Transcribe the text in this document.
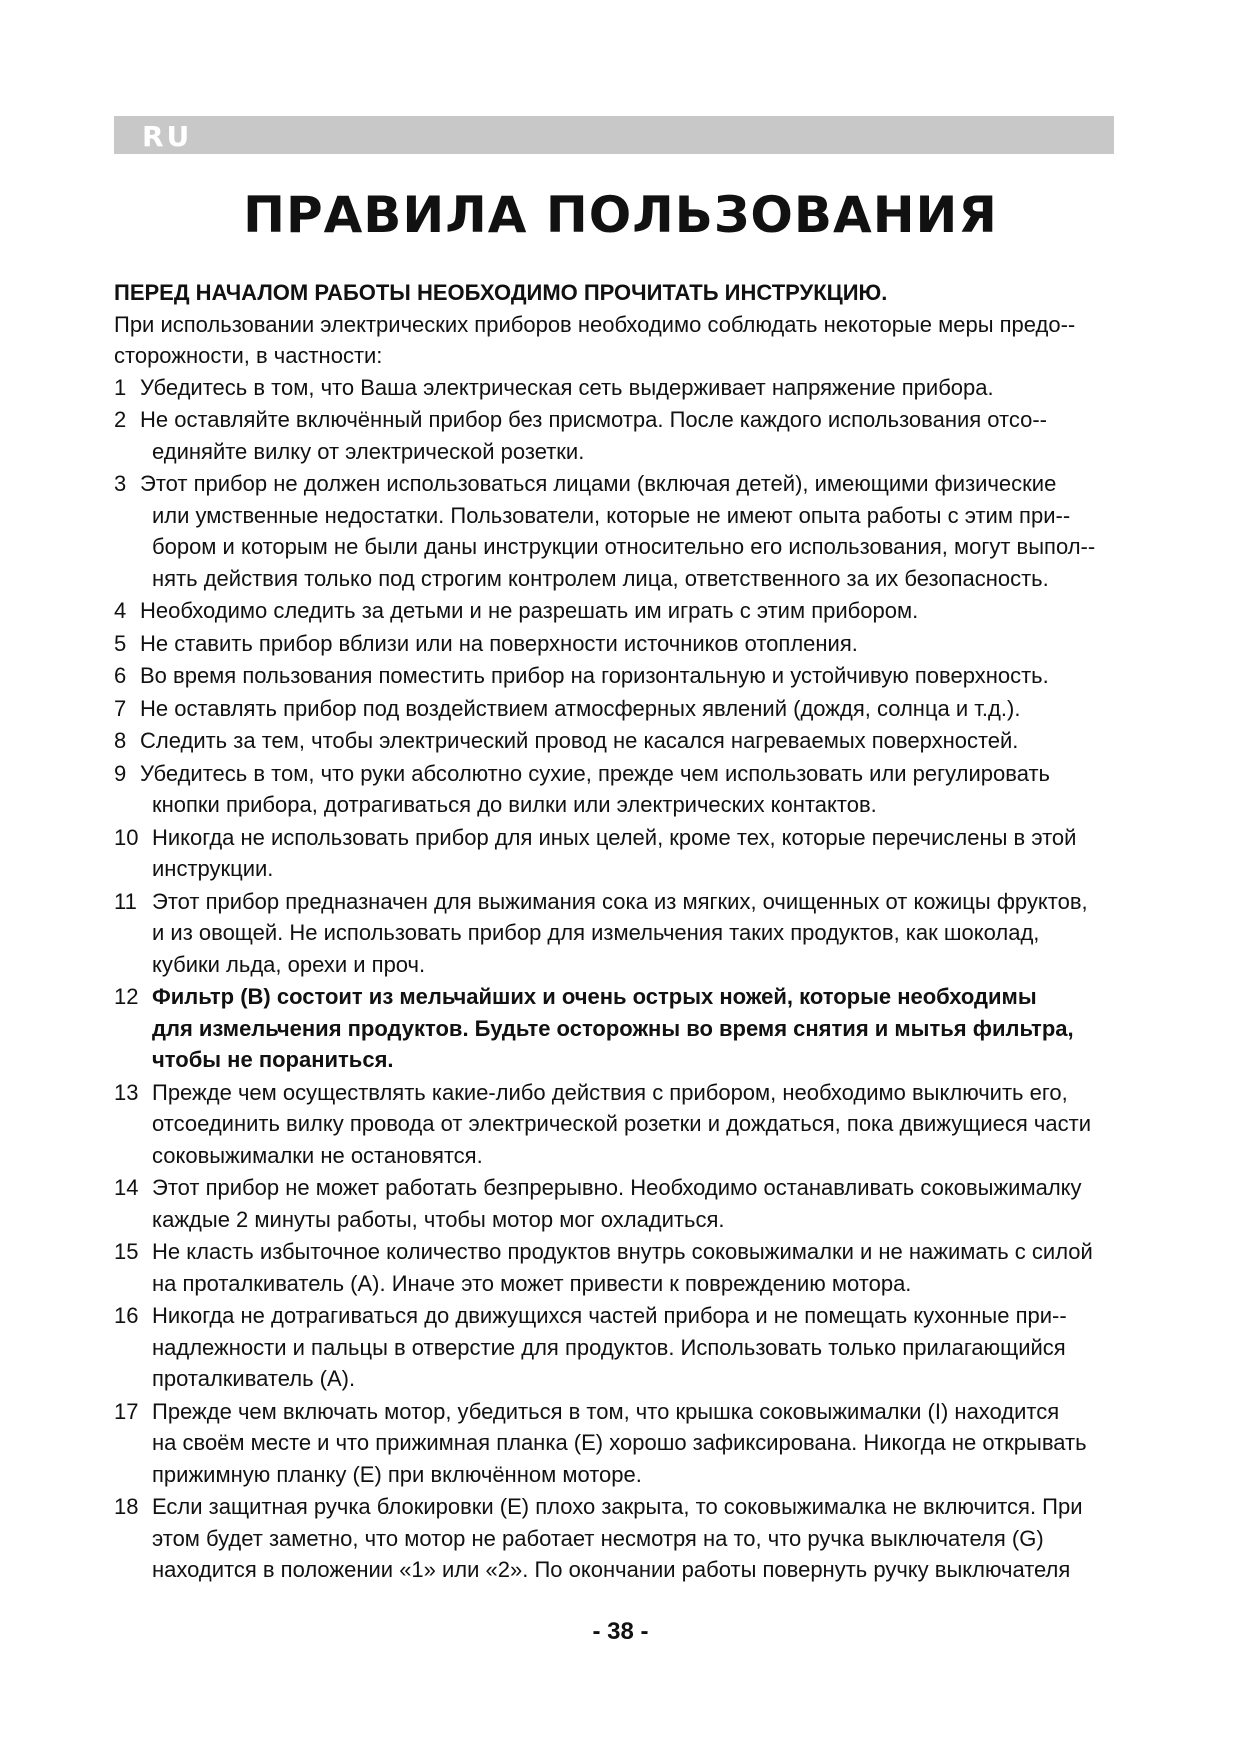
RU
ПРАВИЛА ПОЛЬЗОВАНИЯ

ПЕРЕД НАЧАЛОМ РАБОТЫ НЕОБХОДИМО ПРОЧИТАТЬ ИНСТРУКЦИЮ.

При использовании электрических приборов необходимо соблюдать некоторые меры предо--

сторожности, в частности:

1 Убедитесь в том, что Ваша электрическая сеть выдерживает напряжение прибора.
2 Не оставляйте включённый прибор без присмотра. После каждого использования отсо--
единяйте вилку от электрической розетки.
3 Этот прибор не должен использоваться лицами (включая детей), имеющими физические
или умственные недостатки. Пользователи, которые не имеют опыта работы с этим при--
бором и которым не были даны инструкции относительно его использования, могут выпол--
нять действия только под строгим контролем лица, ответственного за их безопасность.
4 Необходимо следить за детьми и не разрешать им играть с этим прибором.
5 Не ставить прибор вблизи или на поверхности источников отопления.
6 Во время пользования поместить прибор на горизонтальную и устойчивую поверхность.
7 Не оставлять прибор под воздействием атмосферных явлений (дождя, солнца и т.д.).
8 Следить за тем, чтобы электрический провод не касался нагреваемых поверхностей.
9 Убедитесь в том, что руки абсолютно сухие, прежде чем использовать или регулировать
кнопки прибора, дотрагиваться до вилки или электрических контактов.
10 Никогда не использовать прибор для иных целей, кроме тех, которые перечислены в этой
инструкции.
11 Этот прибор предназначен для выжимания сока из мягких, очищенных от кожицы фруктов,
и из овощей. Не использовать прибор для измельчения таких продуктов, как шоколад,
кубики льда, орехи и проч.
12 Фильтр (B) состоит из мельчайших и очень острых ножей, которые необходимы
для измельчения продуктов. Будьте осторожны во время снятия и мытья фильтра,
чтобы не пораниться.
13 Прежде чем осуществлять какие-либо действия с прибором, необходимо выключить его,
отсоединить вилку провода от электрической розетки и дождаться, пока движущиеся части
соковыжималки не остановятся.
14 Этот прибор не может работать безпрерывно. Необходимо останавливать соковыжималку
каждые 2 минуты работы, чтобы мотор мог охладиться.
15 Не класть избыточное количество продуктов внутрь соковыжималки и не нажимать с силой
на проталкиватель (A). Иначе это может привести к повреждению мотора.
16 Никогда не дотрагиваться до движущихся частей прибора и не помещать кухонные при--
надлежности и пальцы в отверстие для продуктов. Использовать только прилагающийся
проталкиватель (A).
17 Прежде чем включать мотор, убедиться в том, что крышка соковыжималки (I) находится
на своём месте и что прижимная планка (E) хорошо зафиксирована. Никогда не открывать
прижимную планку (E) при включённом моторе.
18 Если защитная ручка блокировки (E) плохо закрыта, то соковыжималка не включится. При
этом будет заметно, что мотор не работает несмотря на то, что ручка выключателя (G)
находится в положении «1» или «2». По окончании работы повернуть ручку выключателя
- 38 -
